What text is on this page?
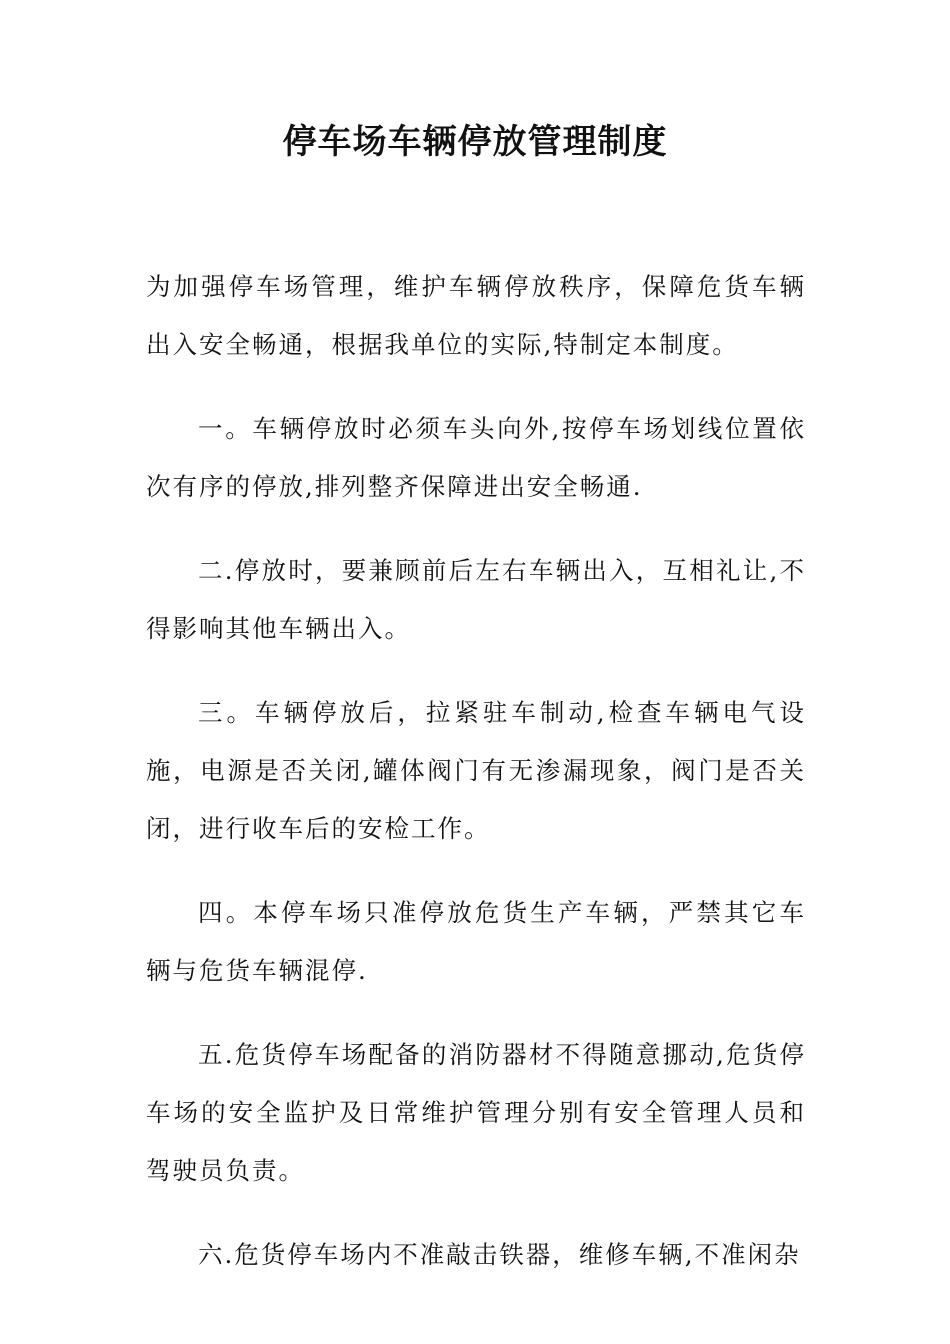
停车场车辆停放管理制度

为加强停车场管理，维护车辆停放秩序，保障危货车辆出入安全畅通，根据我单位的实际,特制定本制度。

一。车辆停放时必须车头向外,按停车场划线位置依次有序的停放,排列整齐保障进出安全畅通.

二.停放时，要兼顾前后左右车辆出入，互相礼让,不得影响其他车辆出入。

三。车辆停放后，拉紧驻车制动,检查车辆电气设施，电源是否关闭,罐体阀门有无渗漏现象，阀门是否关闭，进行收车后的安检工作。

四。本停车场只准停放危货生产车辆，严禁其它车辆与危货车辆混停.

五.危货停车场配备的消防器材不得随意挪动,危货停车场的安全监护及日常维护管理分别有安全管理人员和驾驶员负责。

六.危货停车场内不准敲击铁器，维修车辆,不准闲杂
